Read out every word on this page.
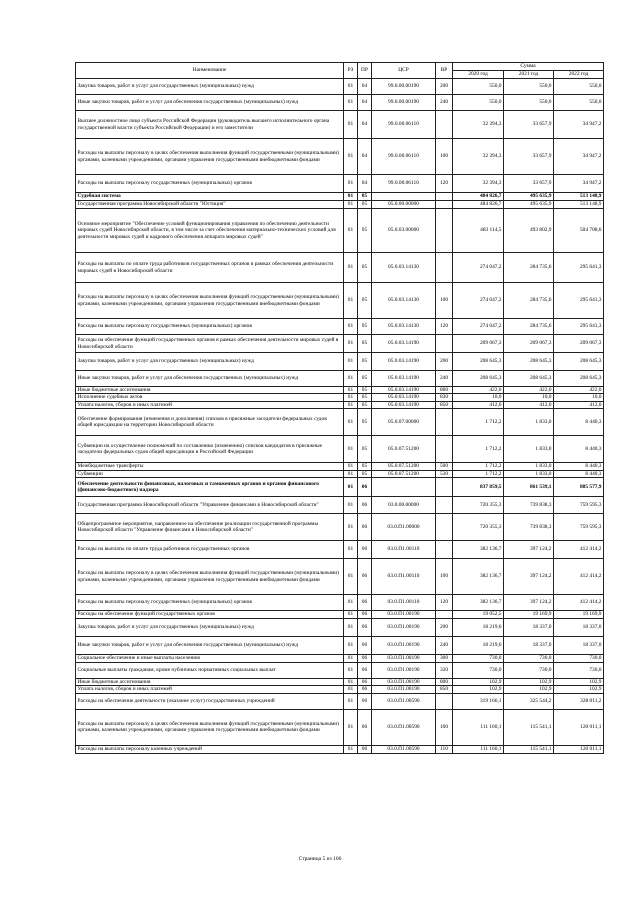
Наименование	РЗ	ПР	ЦСР	ВР	Сумма		
					2020 год	2021 год	2022 год
Закупка товаров, работ и услуг для государственных (муниципальных) нужд	01	04	99.0.00.00190	200	550,0	550,0	550,0
Иные закупки товаров, работ и услуг для обеспечения государственных (муниципальных) нужд	01	04	99.0.00.00190	240	550,0	550,0	550,0
Высшее должностное лицо субъекта Российской Федерации (руководитель высшего исполнительного органа государственной власти субъекта Российской Федерации) и его заместители	01	04	99.0.00.06110		32 394,3	33 657,9	34 947,2
Расходы на выплаты персоналу в целях обеспечения выполнения функций государственными (муниципальными) органами, казенными учреждениями, органами управления государственными внебюджетными фондами	01	04	99.0.00.06110	100	32 394,3	33 657,9	34 947,2
Расходы на выплаты персоналу государственных (муниципальных) органов	01	04	99.0.00.06110	120	32 394,3	33 657,9	34 947,2
Судебная система	01	05			484 826,7	495 635,9	513 148,9
Государственная программа Новосибирской области "Юстиция"	01	05	05.0.00.00000		484 826,7	495 635,9	513 148,9
Основное мероприятие "Обеспечение условий функционирования управления по обеспечению деятельности мировых судей Новосибирской области, в том числе за счет обеспечения материально-технических условий для деятельности мировых судей и кадрового обеспечения аппарата мировых судей"	01	05	05.0.03.00000		483 114,5	493 802,9	504 708,6
Расходы на выплаты по оплате труда работников государственных органов в рамках обеспечения деятельности мировых судей в Новосибирской области	01	05	05.0.03.14130		274 047,2	284 735,6	295 641,3
Расходы на выплаты персоналу в целях обеспечения выполнения функций государственными (муниципальными) органами, казенными учреждениями, органами управления государственными внебюджетными фондами	01	05	05.0.03.14130	100	274 047,2	284 735,6	295 641,3
Расходы на выплаты персоналу государственных (муниципальных) органов	01	05	05.0.03.14130	120	274 047,2	284 735,6	295 641,3
Расходы на обеспечение функций государственных органов в рамках обеспечения деятельности мировых судей в Новосибирской области	01	05	05.0.03.14190		209 067,3	209 067,3	209 067,3
Закупка товаров, работ и услуг для государственных (муниципальных) нужд	01	05	05.0.03.14190	200	208 645,3	208 645,3	208 645,3
Иные закупки товаров, работ и услуг для обеспечения государственных (муниципальных) нужд	01	05	05.0.03.14190	240	208 645,3	208 645,3	208 645,3
Иные бюджетные ассигнования	01	05	05.0.03.14190	800	422,0	422,0	422,0
Исполнение судебных актов	01	05	05.0.03.14190	830	10,0	10,0	10,0
Уплата налогов, сборов и иных платежей	01	05	05.0.03.14190	850	412,0	412,0	412,0
Обеспечение формирования (изменения и дополнения) списков в присяжные заседатели федеральных судов общей юрисдикции на территории Новосибирской области	01	05	05.0.07.00000		1 712,2	1 833,0	8 440,3
Субвенции на осуществление полномочий по составлению (изменению) списков кандидатов в присяжные заседатели федеральных судов общей юрисдикции в Российской Федерации	01	05	05.0.07.51200		1 712,2	1 833,0	8 440,3
Межбюджетные трансферты	01	05	05.0.07.51200	500	1 712,2	1 833,0	8 440,3
Субвенции	01	05	05.0.07.51200	530	1 712,2	1 833,0	8 440,3
Обеспечение деятельности финансовых, налоговых и таможенных органов и органов финансового (финансово-бюджетного) надзора	01	06			837 859,5	861 539,1	885 577,9
Государственная программа Новосибирской области "Управление финансами в Новосибирской области"	01	06	03.0.00.00000		720 355,3	739 838,3	759 595,3
Общепрограммное мероприятие, направленное на обеспечение реализации государственной программы Новосибирской области "Управление финансами в Новосибирской области"	01	06	03.0.П1.00000		720 355,3	739 838,3	759 595,3
Расходы на выплаты по оплате труда работников государственных органов	01	06	03.0.П1.00110		382 136,7	397 124,2	412 414,2
Расходы на выплаты персоналу в целях обеспечения выполнения функций государственными (муниципальными) органами, казенными учреждениями, органами управления государственными внебюджетными фондами	01	06	03.0.П1.00110	100	382 136,7	397 124,2	412 414,2
Расходы на выплаты персоналу государственных (муниципальных) органов	01	06	03.0.П1.00110	120	382 136,7	397 124,2	412 414,2
Расходы на обеспечение функций государственных органов	01	06	03.0.П1.00190		19 052,5	19 169,9	19 169,9
Закупка товаров, работ и услуг для государственных (муниципальных) нужд	01	06	03.0.П1.00190	200	18 219,6	18 337,0	18 337,0
Иные закупки товаров, работ и услуг для обеспечения государственных (муниципальных) нужд	01	06	03.0.П1.00190	240	18 219,6	18 337,0	18 337,0
Социальное обеспечение и иные выплаты населению	01	06	03.0.П1.00190	300	730,0	730,0	730,0
Социальные выплаты гражданам, кроме публичных нормативных социальных выплат	01	06	03.0.П1.00190	320	730,0	730,0	730,0
Иные бюджетные ассигнования	01	06	03.0.П1.00190	800	102,9	102,9	102,9
Уплата налогов, сборов и иных платежей	01	06	03.0.П1.00190	850	102,9	102,9	102,9
Расходы на обеспечение деятельности (оказание услуг) государственных учреждений	01	06	03.0.П1.00590		319 166,1	325 544,2	328 011,2
Расходы на выплаты персоналу в целях обеспечения выполнения функций государственными (муниципальными) органами, казенными учреждениями, органами управления государственными внебюджетными фондами	01	06	03.0.П1.00590	100	111 160,1	115 541,1	120 011,1
Расходы на выплаты персоналу казенных учреждений	01	06	03.0.П1.00590	110	111 160,1	115 541,1	120 011,1
Страница 5 из 106
